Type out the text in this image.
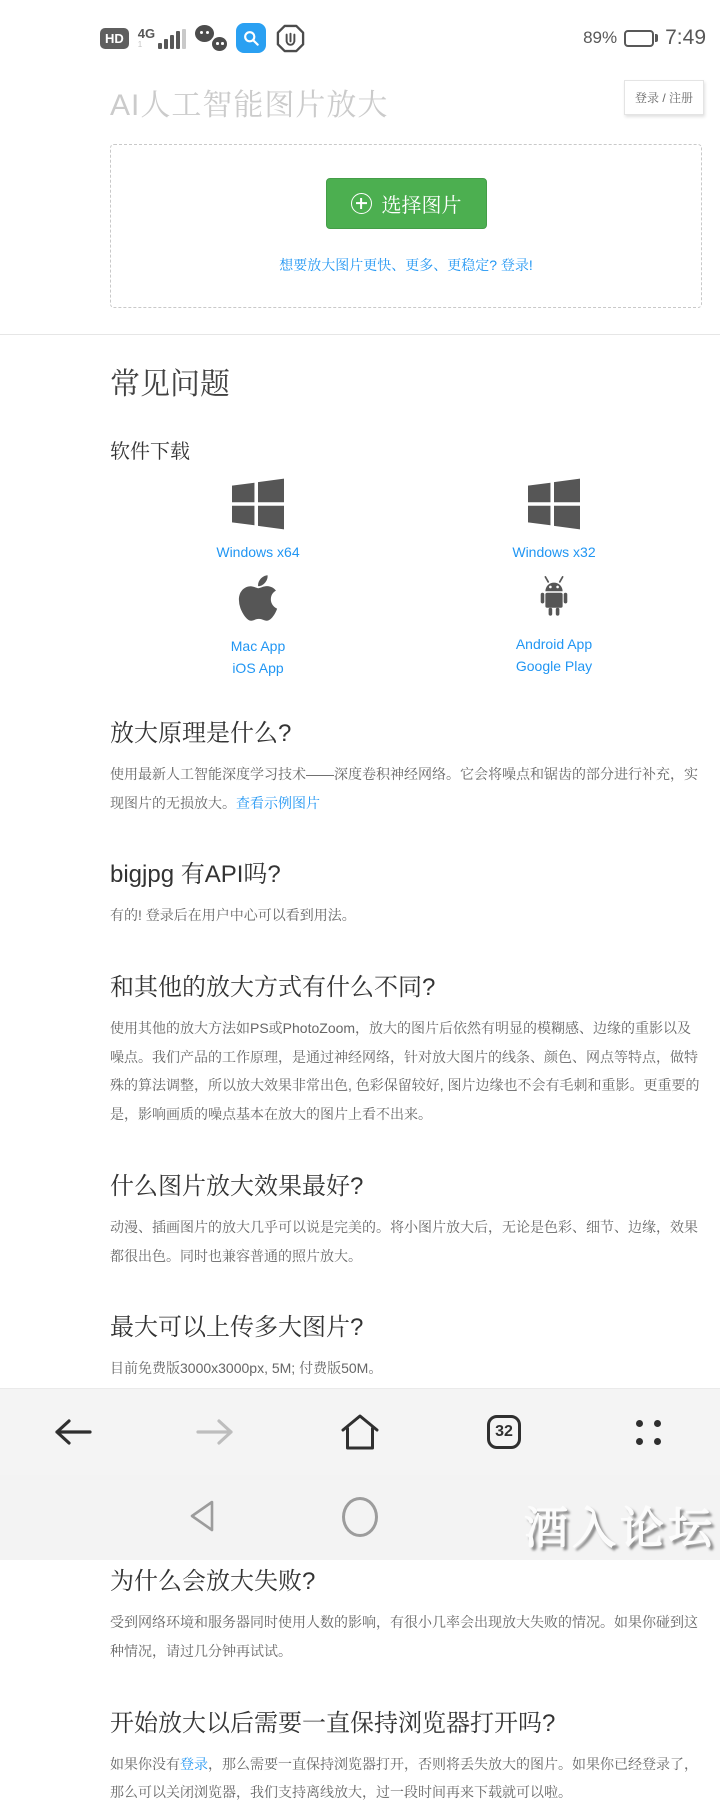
HD	4G
1	89% 7:49
AI人工智能图片放大	登录 / 注册
选择图片
想要放大图片更快、更多、更稳定? 登录!
常见问题
软件下载
Windows x64	Windows x32
Mac App
iOS App
Android App
Google Play
放大原理是什么?

使用最新人工智能深度学习技术——深度卷积神经网络。它会将噪点和锯齿的部分进行补充，实现图片的无损放大。查看示例图片

bigjpg 有API吗?

有的! 登录后在用户中心可以看到用法。

和其他的放大方式有什么不同?

使用其他的放大方法如PS或PhotoZoom，放大的图片后依然有明显的模糊感、边缘的重影以及噪点。我们产品的工作原理，是通过神经网络，针对放大图片的线条、颜色、网点等特点，做特殊的算法调整，所以放大效果非常出色, 色彩保留较好, 图片边缘也不会有毛刺和重影。更重要的是，影响画质的噪点基本在放大的图片上看不出来。

什么图片放大效果最好?

动漫、插画图片的放大几乎可以说是完美的。将小图片放大后，无论是色彩、细节、边缘，效果都很出色。同时也兼容普通的照片放大。

最大可以上传多大图片?

目前免费版3000x3000px, 5M; 付费版50M。

为什么会放大失败?

受到网络环境和服务器同时使用人数的影响，有很小几率会出现放大失败的情况。如果你碰到这种情况，请过几分钟再试试。

开始放大以后需要一直保持浏览器打开吗?

如果你没有登录，那么需要一直保持浏览器打开，否则将丢失放大的图片。如果你已经登录了，那么可以关闭浏览器，我们支持离线放大，过一段时间再来下载就可以啦。

32
酒入论坛
